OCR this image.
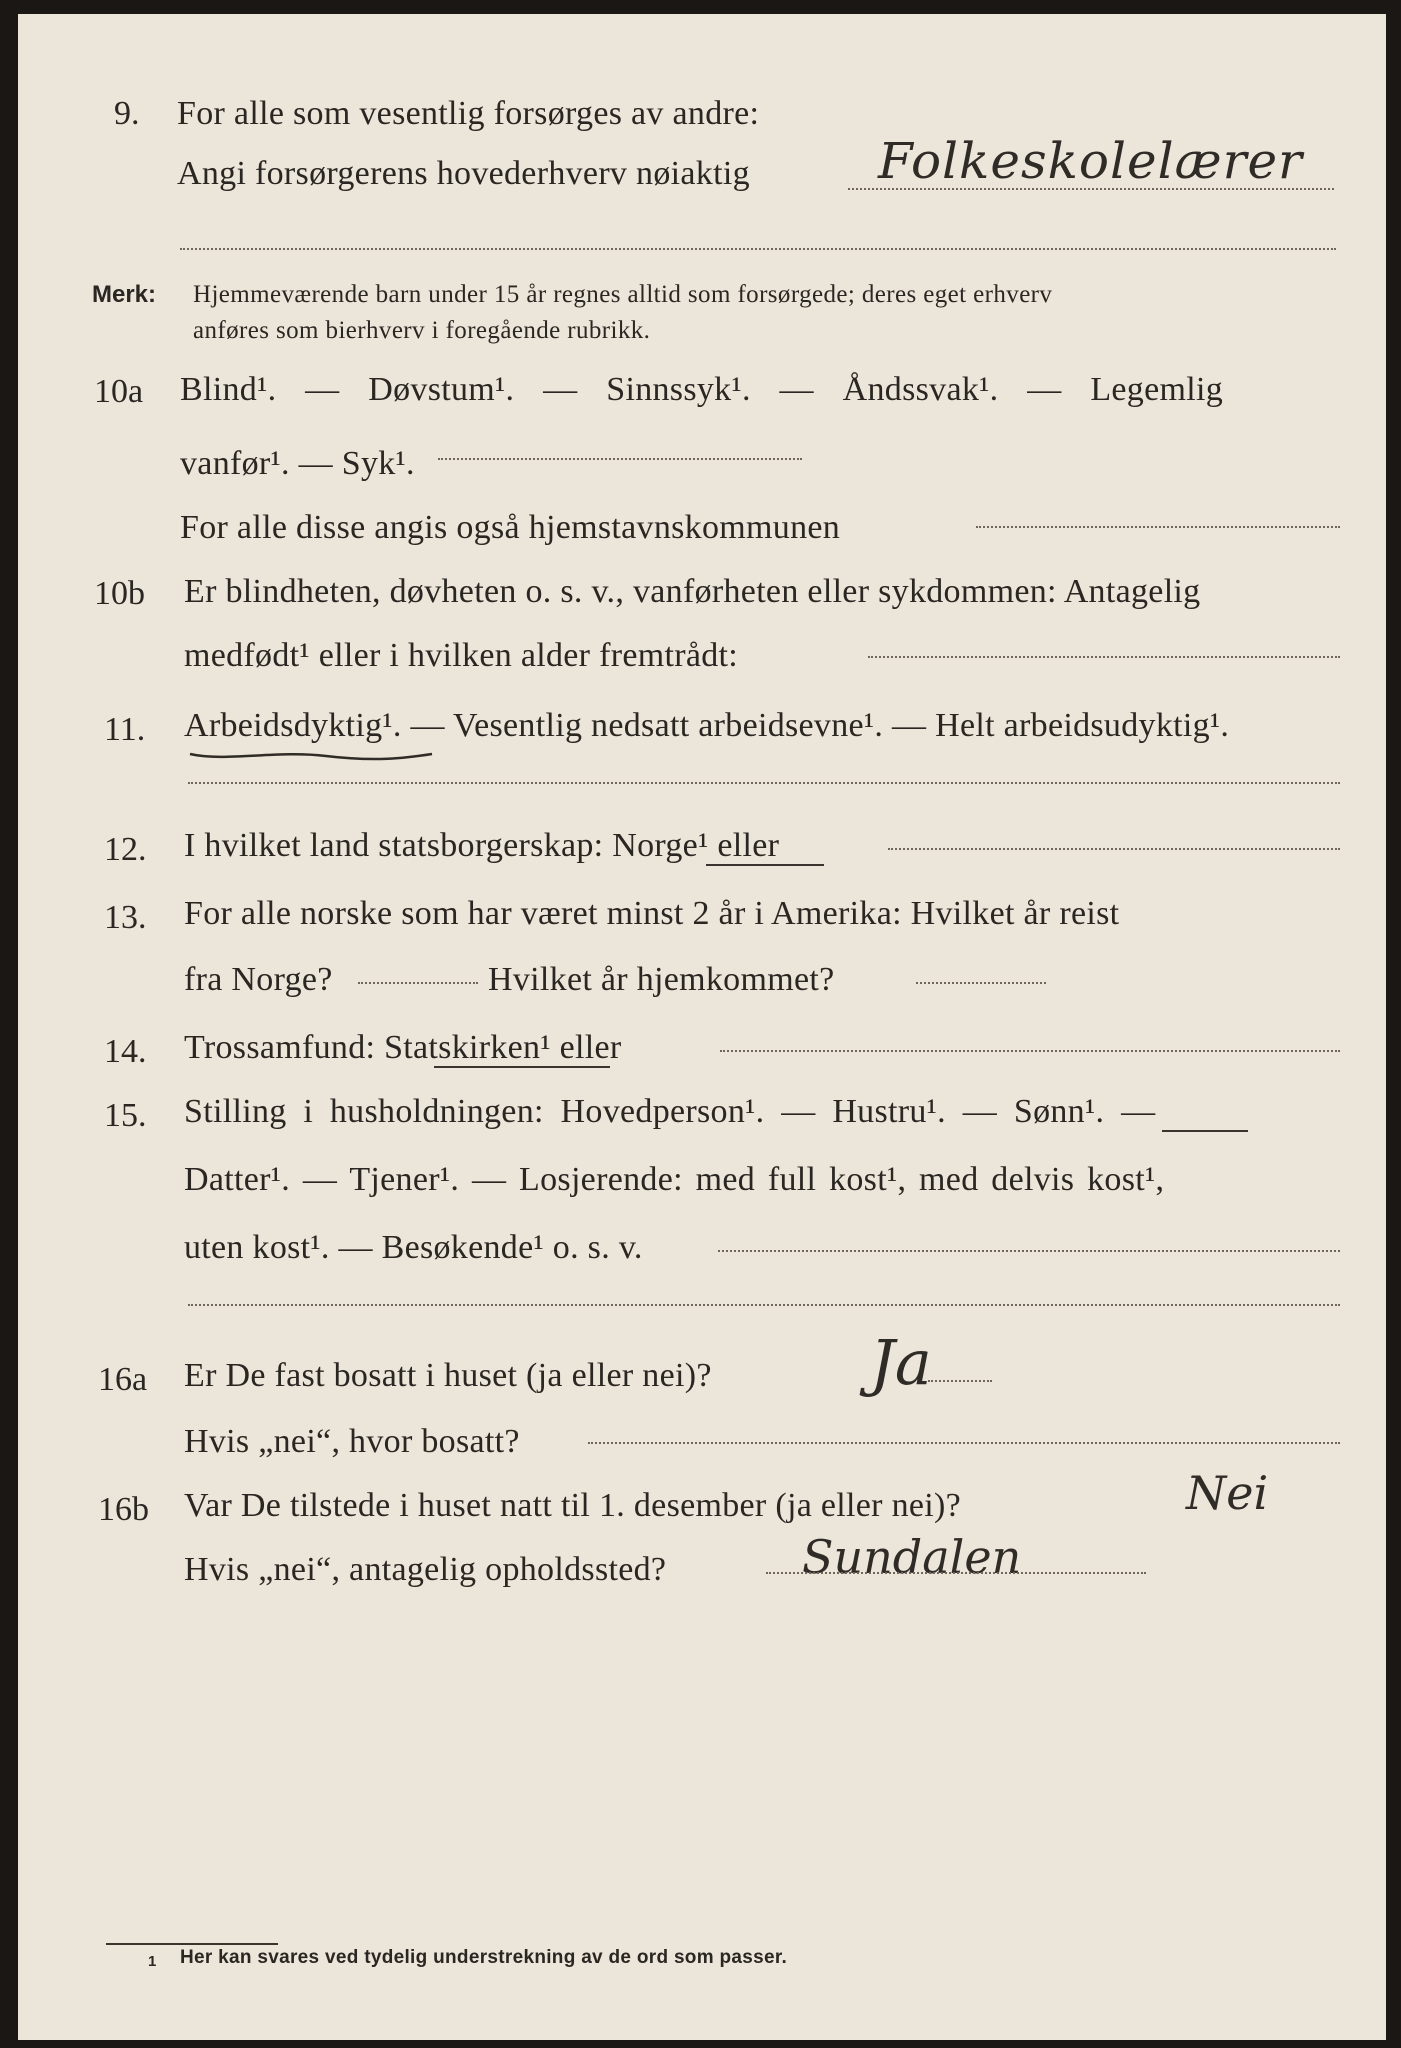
9. For alle som vesentlig forsørges av andre:
Angi forsørgerens hovederhverv nøiaktig	Folkeskolelærer
Merk: Hjemmeværende barn under 15 år regnes alltid som forsørgede; deres eget erhverv
anføres som bierhverv i foregående rubrikk.
10a Blind¹. — Døvstum¹. — Sinnssyk¹. — Åndssvak¹. — Legemlig
vanfør¹. — Syk¹.
For alle disse angis også hjemstavnskommunen
10b Er blindheten, døvheten o. s. v., vanførheten eller sykdommen: Antagelig
medfødt¹ eller i hvilken alder fremtrådt:
11. Arbeidsdyktig¹. — Vesentlig nedsatt arbeidsevne¹. — Helt arbeidsudyktig¹.
12. I hvilket land statsborgerskap: Norge¹ eller
13. For alle norske som har været minst 2 år i Amerika: Hvilket år reist
fra Norge?	Hvilket år hjemkommet?
14. Trossamfund: Statskirken¹ eller
15. Stilling i husholdningen: Hovedperson¹. — Hustru¹. — Sønn¹. —
Datter¹. — Tjener¹. — Losjerende: med full kost¹, med delvis kost¹,
uten kost¹. — Besøkende¹ o. s. v.
16a Er De fast bosatt i huset (ja eller nei)?	Ja
Hvis „nei“, hvor bosatt?
16b Var De tilstede i huset natt til 1. desember (ja eller nei)?	Nei
Hvis „nei“, antagelig opholdssted?	Sundalen
1 Her kan svares ved tydelig understrekning av de ord som passer.
